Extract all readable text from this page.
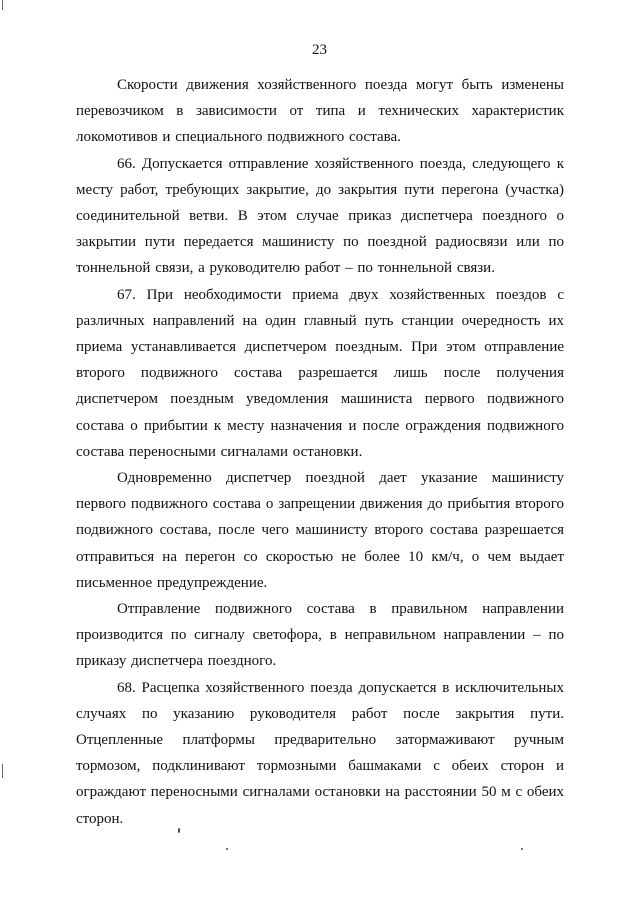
23

Скорости движения хозяйственного поезда могут быть изменены перевозчиком в зависимости от типа и технических характеристик локомотивов и специального подвижного состава.

66. Допускается отправление хозяйственного поезда, следующего к месту работ, требующих закрытие, до закрытия пути перегона (участка) соединительной ветви. В этом случае приказ диспетчера поездного о закрытии пути передается машинисту по поездной радиосвязи или по тоннельной связи, а руководителю работ – по тоннельной связи.

67. При необходимости приема двух хозяйственных поездов с различных направлений на один главный путь станции очередность их приема устанавливается диспетчером поездным. При этом отправление второго подвижного состава разрешается лишь после получения диспетчером поездным уведомления машиниста первого подвижного состава о прибытии к месту назначения и после ограждения подвижного состава переносными сигналами остановки.

Одновременно диспетчер поездной дает указание машинисту первого подвижного состава о запрещении движения до прибытия второго подвижного состава, после чего машинисту второго состава разрешается отправиться на перегон со скоростью не более 10 км/ч, о чем выдает письменное предупреждение.

Отправление подвижного состава в правильном направлении производится по сигналу светофора, в неправильном направлении – по приказу диспетчера поездного.

68. Расцепка хозяйственного поезда допускается в исключительных случаях по указанию руководителя работ после закрытия пути. Отцепленные платформы предварительно затормаживают ручным тормозом, подклинивают тормозными башмаками с обеих сторон и ограждают переносными сигналами остановки на расстоянии 50 м с обеих сторон.
